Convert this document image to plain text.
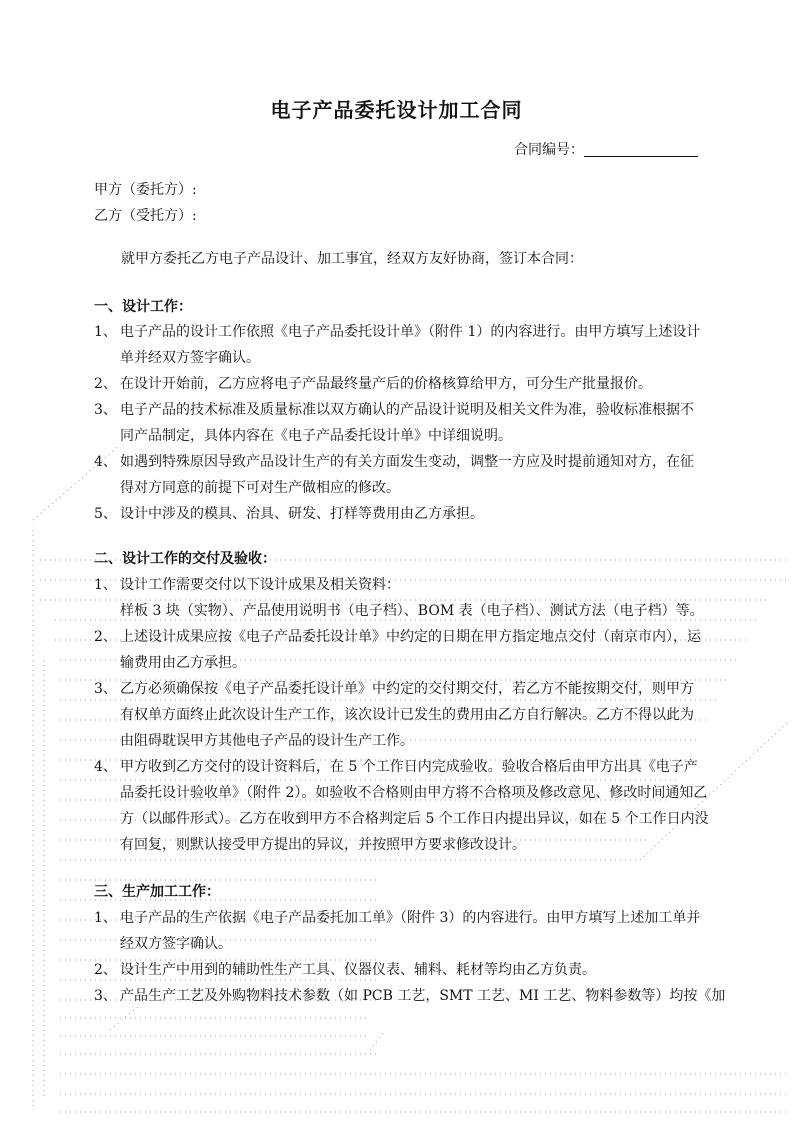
电子产品委托设计加工合同
合同编号：
甲方（委托方）:
乙方（受托方）:
就甲方委托乙方电子产品设计、加工事宜，经双方友好协商，签订本合同：
一、设计工作：
1、 电子产品的设计工作依照《电子产品委托设计单》（附件 1）的内容进行。由甲方填写上述设计
单并经双方签字确认。
2、 在设计开始前，乙方应将电子产品最终量产后的价格核算给甲方，可分生产批量报价。
3、 电子产品的技术标准及质量标准以双方确认的产品设计说明及相关文件为准，验收标准根据不
同产品制定，具体内容在《电子产品委托设计单》中详细说明。
4、 如遇到特殊原因导致产品设计生产的有关方面发生变动，调整一方应及时提前通知对方，在征
得对方同意的前提下可对生产做相应的修改。
5、 设计中涉及的模具、治具、研发、打样等费用由乙方承担。
二、设计工作的交付及验收：
1、 设计工作需要交付以下设计成果及相关资料：
样板 3 块（实物）、产品使用说明书（电子档）、BOM 表（电子档）、测试方法（电子档）等。
2、 上述设计成果应按《电子产品委托设计单》中约定的日期在甲方指定地点交付（南京市内），运
输费用由乙方承担。
3、 乙方必须确保按《电子产品委托设计单》中约定的交付期交付，若乙方不能按期交付，则甲方
有权单方面终止此次设计生产工作，该次设计已发生的费用由乙方自行解决。乙方不得以此为
由阻碍耽误甲方其他电子产品的设计生产工作。
4、 甲方收到乙方交付的设计资料后，在 5 个工作日内完成验收。验收合格后由甲方出具《电子产
品委托设计验收单》（附件 2）。如验收不合格则由甲方将不合格项及修改意见、修改时间通知乙
方（以邮件形式）。乙方在收到甲方不合格判定后 5 个工作日内提出异议，如在 5 个工作日内没
有回复，则默认接受甲方提出的异议，并按照甲方要求修改设计。
三、生产加工工作：
1、 电子产品的生产依据《电子产品委托加工单》（附件 3）的内容进行。由甲方填写上述加工单并
经双方签字确认。
2、 设计生产中用到的辅助性生产工具、仪器仪表、辅料、耗材等均由乙方负责。
3、 产品生产工艺及外购物料技术参数（如 PCB 工艺，SMT 工艺、MI 工艺、物料参数等）均按《加
